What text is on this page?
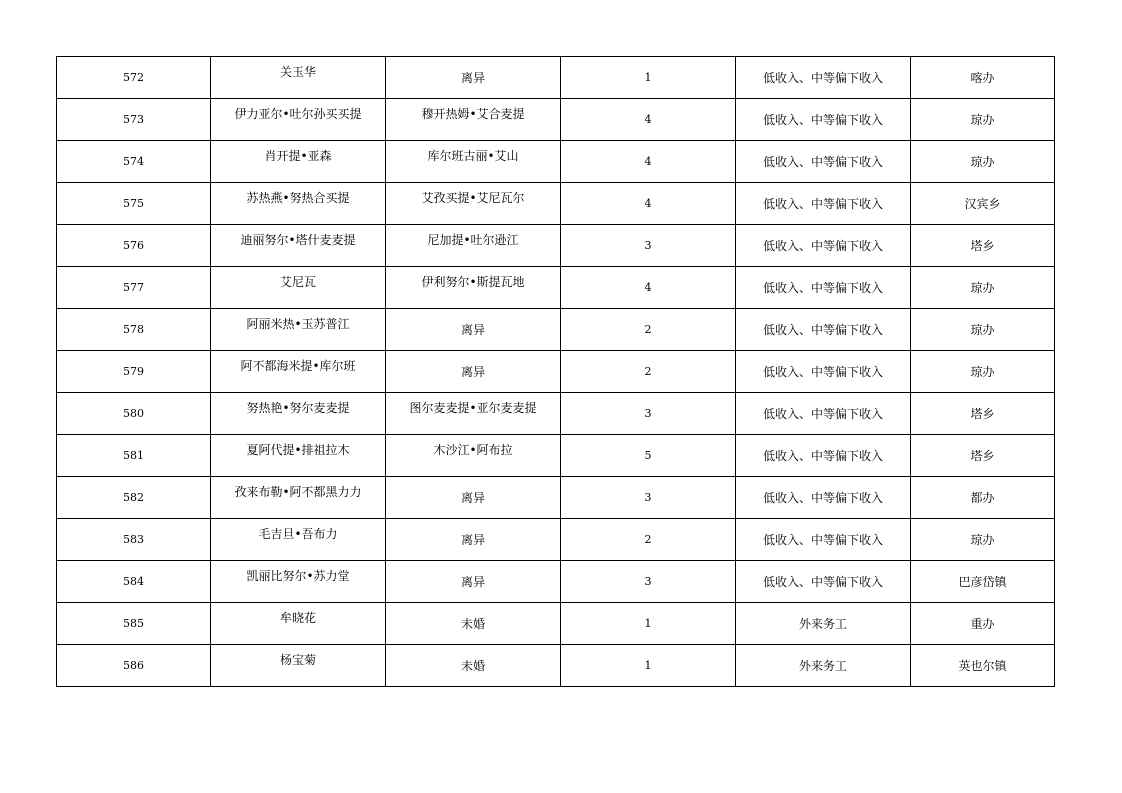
572	关玉华	离异	1	低收入、中等偏下收入	喀办
573	伊力亚尔•吐尔孙买买提	穆开热姆•艾合麦提	4	低收入、中等偏下收入	琼办
574	肖开提•亚森	库尔班古丽•艾山	4	低收入、中等偏下收入	琼办
575	苏热燕•努热合买提	艾孜买提•艾尼瓦尔	4	低收入、中等偏下收入	汉宾乡
576	迪丽努尔•塔什麦麦提	尼加提•吐尔逊江	3	低收入、中等偏下收入	塔乡
577	艾尼瓦	伊利努尔•斯提瓦地	4	低收入、中等偏下收入	琼办
578	阿丽米热•玉苏普江	离异	2	低收入、中等偏下收入	琼办
579	阿不都海米提•库尔班	离异	2	低收入、中等偏下收入	琼办
580	努热艳•努尔麦麦提	图尔麦麦提•亚尔麦麦提	3	低收入、中等偏下收入	塔乡
581	夏阿代提•排祖拉木	木沙江•阿布拉	5	低收入、中等偏下收入	塔乡
582	孜来布勒•阿不都黑力力	离异	3	低收入、中等偏下收入	都办
583	毛吉旦•吾布力	离异	2	低收入、中等偏下收入	琼办
584	凯丽比努尔•苏力堂	离异	3	低收入、中等偏下收入	巴彦岱镇
585	牟晓花	未婚	1	外来务工	重办
586	杨宝菊	未婚	1	外来务工	英也尔镇
